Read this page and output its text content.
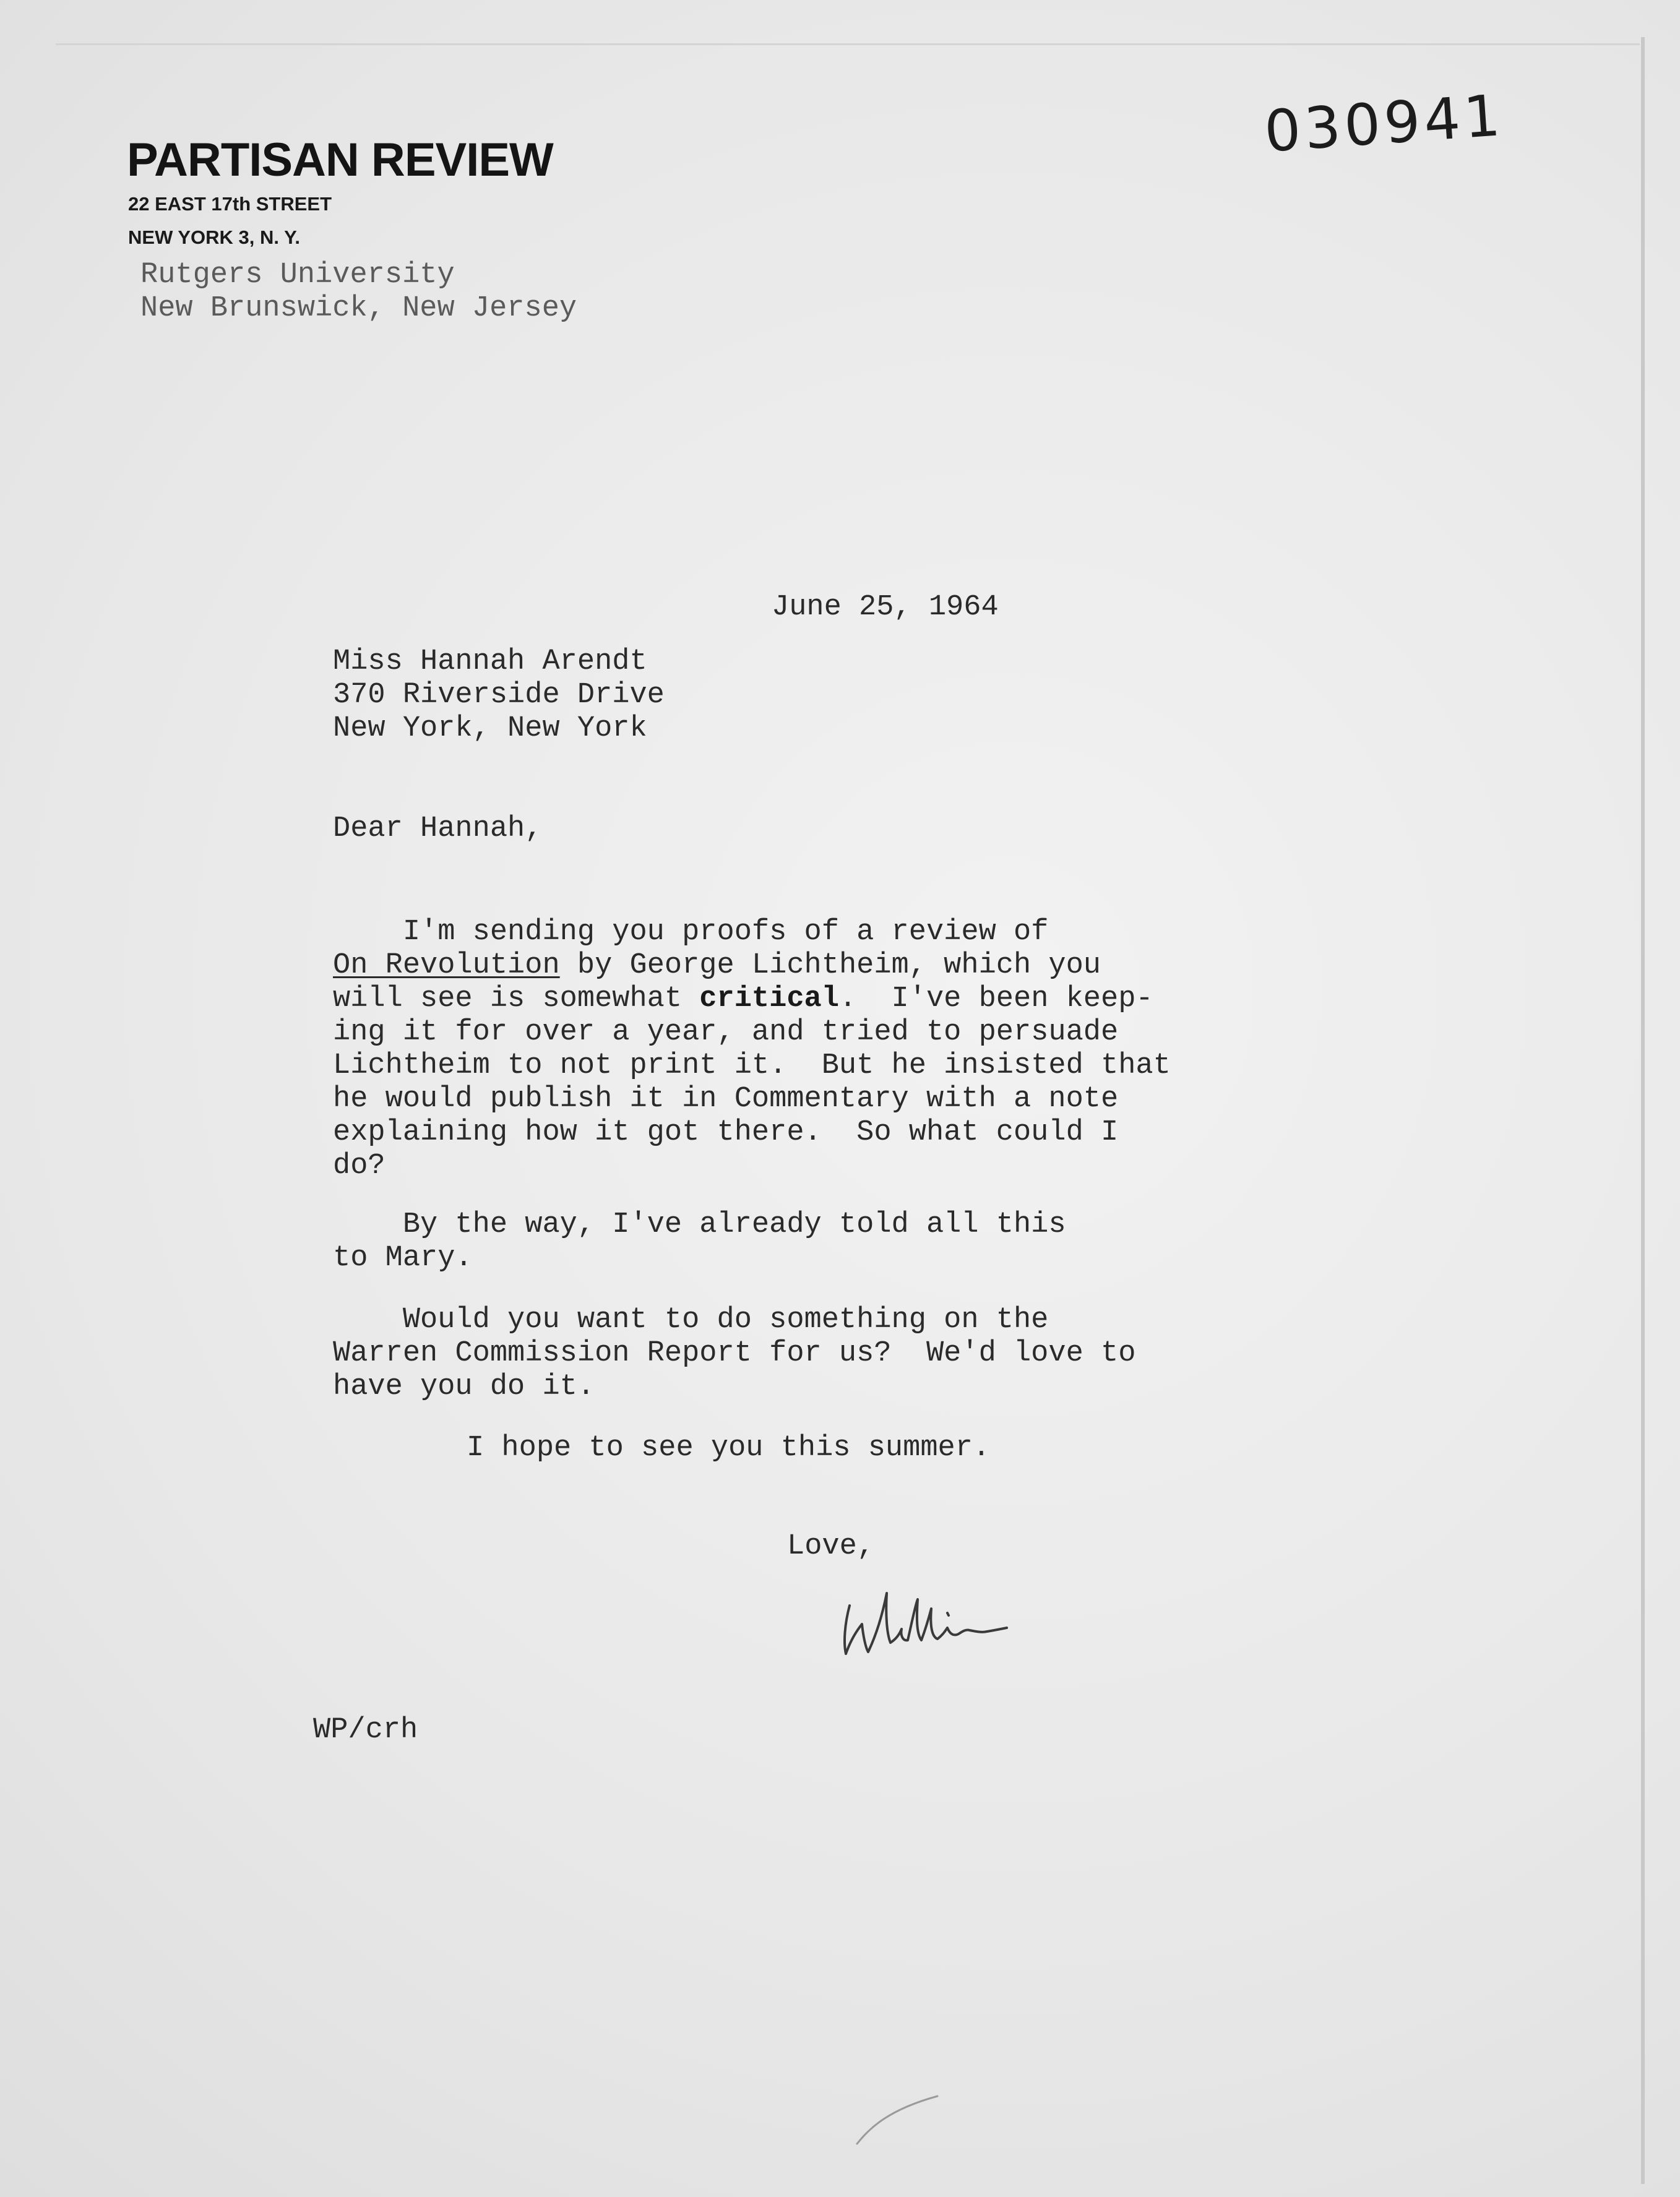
030941
PARTISAN REVIEW
22 EAST 17th STREET
NEW YORK 3, N. Y.
Rutgers University
New Brunswick, New Jersey
June 25, 1964
Miss Hannah Arendt
370 Riverside Drive
New York, New York
Dear Hannah,
I'm sending you proofs of a review of
On Revolution by George Lichtheim, which you
will see is somewhat critical.  I've been keep-
ing it for over a year, and tried to persuade
Lichtheim to not print it.  But he insisted that
he would publish it in Commentary with a note
explaining how it got there.  So what could I
do?
By the way, I've already told all this
to Mary.
Would you want to do something on the
Warren Commission Report for us?  We'd love to
have you do it.
I hope to see you this summer.
Love,
WP/crh
